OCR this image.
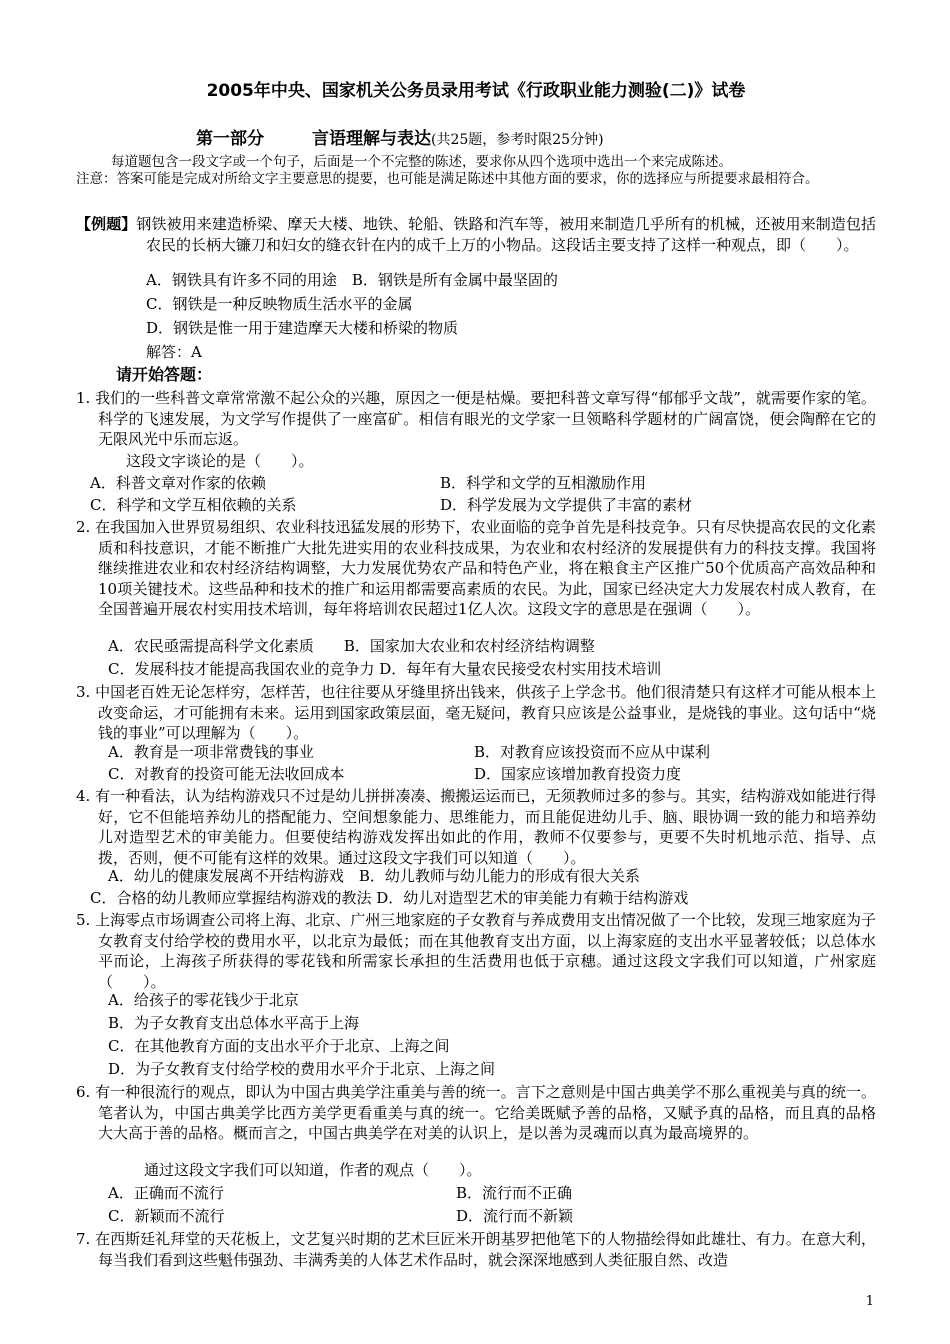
2005年中央、国家机关公务员录用考试《行政职业能力测验(二)》试卷
第一部分	言语理解与表达(共25题，参考时限25分钟)

每道题包含一段文字或一个句子，后面是一个不完整的陈述，要求你从四个选项中选出一个来完成陈述。

注意：答案可能是完成对所给文字主要意思的提要，也可能是满足陈述中其他方面的要求，你的选择应与所提要求最相符合。

【例题】钢铁被用来建造桥梁、摩天大楼、地铁、轮船、铁路和汽车等，被用来制造几乎所有的机械，还被用来制造包括农民的长柄大镰刀和妇女的缝衣针在内的成千上万的小物品。这段话主要支持了这样一种观点，即（　　）。
A．钢铁具有许多不同的用途　B．钢铁是所有金属中最坚固的
C．钢铁是一种反映物质生活水平的金属
D．钢铁是惟一用于建造摩天大楼和桥梁的物质
解答：A
请开始答题：
1. 我们的一些科普文章常常激不起公众的兴趣，原因之一便是枯燥。要把科普文章写得“郁郁乎文哉”，就需要作家的笔。科学的飞速发展，为文学写作提供了一座富矿。相信有眼光的文学家一旦领略科学题材的广阔富饶，便会陶醉在它的无限风光中乐而忘返。
这段文字谈论的是（　　）。
A．科普文章对作家的依赖	B．科学和文学的互相激励作用
C．科学和文学互相依赖的关系	D．科学发展为文学提供了丰富的素材
2. 在我国加入世界贸易组织、农业科技迅猛发展的形势下，农业面临的竞争首先是科技竞争。只有尽快提高农民的文化素质和科技意识，才能不断推广大批先进实用的农业科技成果，为农业和农村经济的发展提供有力的科技支撑。我国将继续推进农业和农村经济结构调整，大力发展优势农产品和特色产业，将在粮食主产区推广50个优质高产高效品种和10项关键技术。这些品种和技术的推广和运用都需要高素质的农民。为此，国家已经决定大力发展农村成人教育，在全国普遍开展农村实用技术培训，每年将培训农民超过1亿人次。这段文字的意思是在强调（　　）。
A．农民亟需提高科学文化素质　　B．国家加大农业和农村经济结构调整
C．发展科技才能提高我国农业的竞争力 D．每年有大量农民接受农村实用技术培训
3. 中国老百姓无论怎样穷，怎样苦，也往往要从牙缝里挤出钱来，供孩子上学念书。他们很清楚只有这样才可能从根本上改变命运，才可能拥有未来。运用到国家政策层面，毫无疑问，教育只应该是公益事业，是烧钱的事业。这句话中“烧钱的事业”可以理解为（　　）。
A．教育是一项非常费钱的事业	B．对教育应该投资而不应从中谋利
C．对教育的投资可能无法收回成本	D．国家应该增加教育投资力度
4. 有一种看法，认为结构游戏只不过是幼儿拼拼凑凑、搬搬运运而已，无须教师过多的参与。其实，结构游戏如能进行得好，它不但能培养幼儿的搭配能力、空间想象能力、思维能力，而且能促进幼儿手、脑、眼协调一致的能力和培养幼儿对造型艺术的审美能力。但要使结构游戏发挥出如此的作用，教师不仅要参与，更要不失时机地示范、指导、点拨，否则，便不可能有这样的效果。通过这段文字我们可以知道（　　）。
A．幼儿的健康发展离不开结构游戏　B．幼儿教师与幼儿能力的形成有很大关系
C．合格的幼儿教师应掌握结构游戏的教法 D．幼儿对造型艺术的审美能力有赖于结构游戏
5. 上海零点市场调查公司将上海、北京、广州三地家庭的子女教育与养成费用支出情况做了一个比较，发现三地家庭为子女教育支付给学校的费用水平，以北京为最低；而在其他教育支出方面，以上海家庭的支出水平显著较低；以总体水平而论，上海孩子所获得的零花钱和所需家长承担的生活费用也低于京穗。通过这段文字我们可以知道，广州家庭（　　）。
A．给孩子的零花钱少于北京
B．为子女教育支出总体水平高于上海
C．在其他教育方面的支出水平介于北京、上海之间
D．为子女教育支付给学校的费用水平介于北京、上海之间
6. 有一种很流行的观点，即认为中国古典美学注重美与善的统一。言下之意则是中国古典美学不那么重视美与真的统一。笔者认为，中国古典美学比西方美学更看重美与真的统一。它给美既赋予善的品格，又赋予真的品格，而且真的品格大大高于善的品格。概而言之，中国古典美学在对美的认识上，是以善为灵魂而以真为最高境界的。
通过这段文字我们可以知道，作者的观点（　　）。
A．正确而不流行	B．流行而不正确
C．新颖而不流行	D．流行而不新颖
7. 在西斯廷礼拜堂的天花板上，文艺复兴时期的艺术巨匠米开朗基罗把他笔下的人物描绘得如此雄壮、有力。在意大利，每当我们看到这些魁伟强劲、丰满秀美的人体艺术作品时，就会深深地感到人类征服自然、改造
1
